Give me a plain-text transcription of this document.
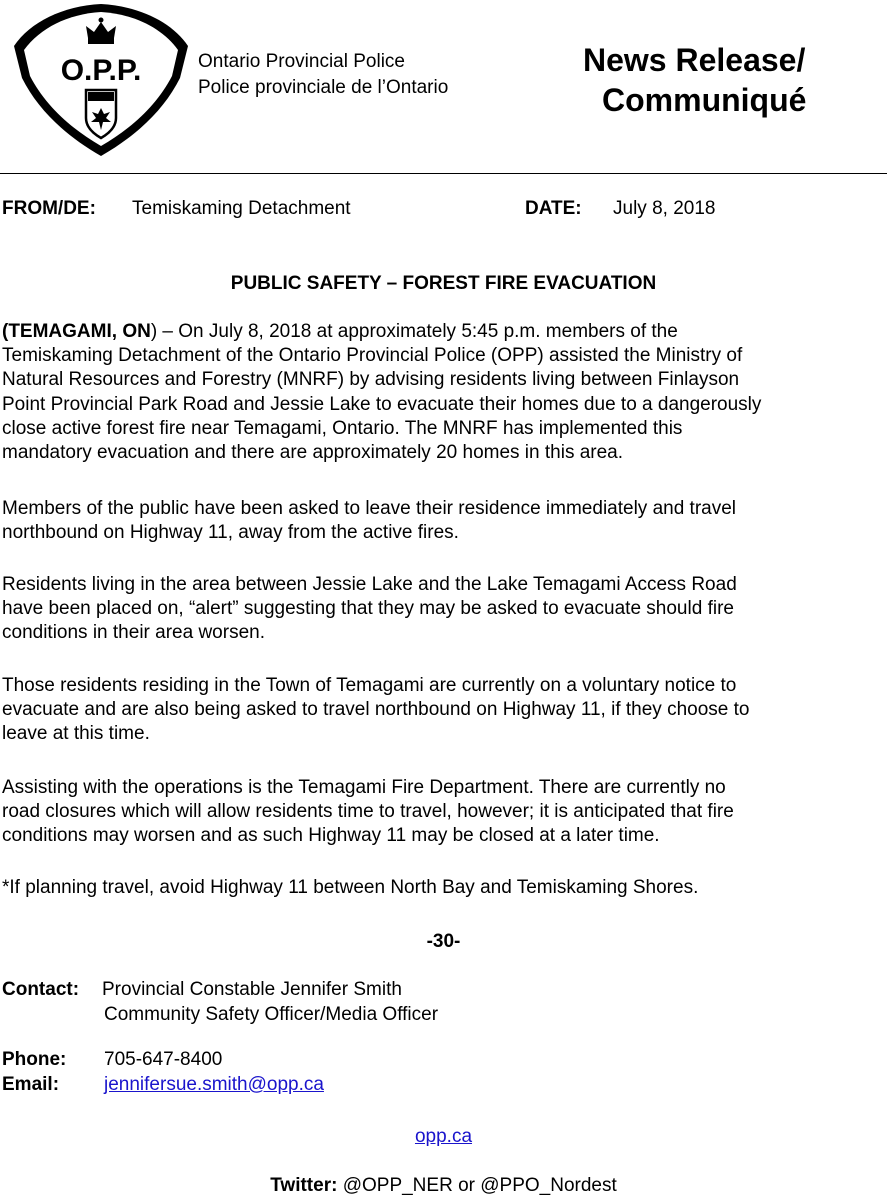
O.P.P.	Ontario Provincial Police
Police provinciale de l’Ontario
News Release/
Communiqué
FROM/DE: Temiskaming Detachment	DATE: July 8, 2018
PUBLIC SAFETY – FOREST FIRE EVACUATION
(TEMAGAMI, ON) – On July 8, 2018 at approximately 5:45 p.m. members of the
Temiskaming Detachment of the Ontario Provincial Police (OPP) assisted the Ministry of
Natural Resources and Forestry (MNRF) by advising residents living between Finlayson
Point Provincial Park Road and Jessie Lake to evacuate their homes due to a dangerously
close active forest fire near Temagami, Ontario. The MNRF has implemented this
mandatory evacuation and there are approximately 20 homes in this area.
Members of the public have been asked to leave their residence immediately and travel
northbound on Highway 11, away from the active fires.
Residents living in the area between Jessie Lake and the Lake Temagami Access Road
have been placed on, “alert” suggesting that they may be asked to evacuate should fire
conditions in their area worsen.
Those residents residing in the Town of Temagami are currently on a voluntary notice to
evacuate and are also being asked to travel northbound on Highway 11, if they choose to
leave at this time.
Assisting with the operations is the Temagami Fire Department. There are currently no
road closures which will allow residents time to travel, however; it is anticipated that fire
conditions may worsen and as such Highway 11 may be closed at a later time.
*If planning travel, avoid Highway 11 between North Bay and Temiskaming Shores.
-30-
Contact: Provincial Constable Jennifer Smith
Community Safety Officer/Media Officer
Phone: 705-647-8400
Email: jennifersue.smith@opp.ca
opp.ca
Twitter: @OPP_NER or @PPO_Nordest
